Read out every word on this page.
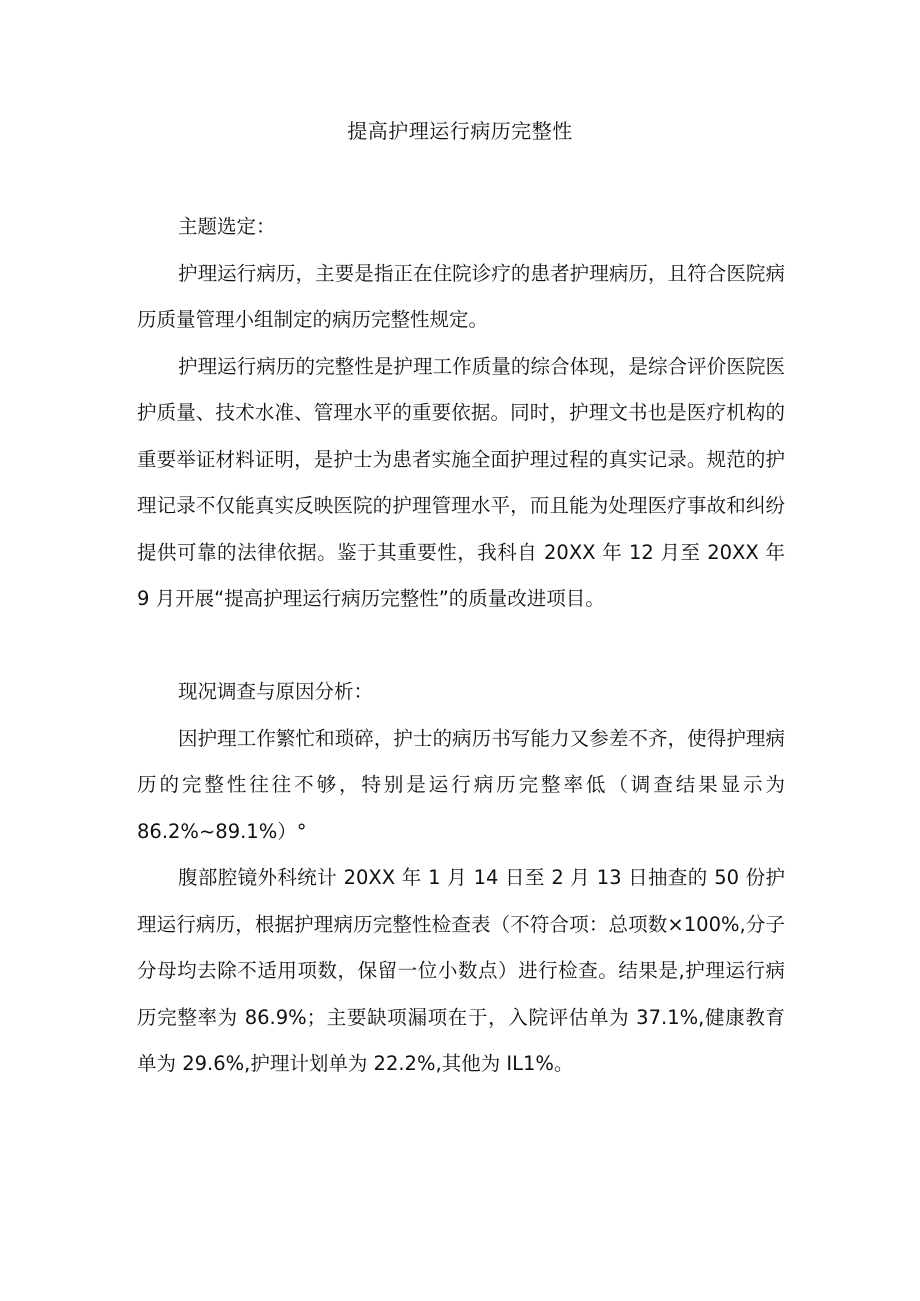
提高护理运行病历完整性

主题选定：

护理运行病历，主要是指正在住院诊疗的患者护理病历，且符合医院病历质量管理小组制定的病历完整性规定。

护理运行病历的完整性是护理工作质量的综合体现，是综合评价医院医护质量、技术水准、管理水平的重要依据。同时，护理文书也是医疗机构的重要举证材料证明，是护士为患者实施全面护理过程的真实记录。规范的护理记录不仅能真实反映医院的护理管理水平，而且能为处理医疗事故和纠纷提供可靠的法律依据。鉴于其重要性，我科自 20XX 年 12 月至 20XX 年 9 月开展“提高护理运行病历完整性”的质量改进项目。

现况调查与原因分析：

因护理工作繁忙和琐碎，护士的病历书写能力又参差不齐，使得护理病历的完整性往往不够，特别是运行病历完整率低（调查结果显示为 86.2%~89.1%）°

腹部腔镜外科统计 20XX 年 1 月 14 日至 2 月 13 日抽查的 50 份护理运行病历，根据护理病历完整性检查表（不符合项：总项数×100%,分子分母均去除不适用项数，保留一位小数点）进行检查。结果是,护理运行病历完整率为 86.9%；主要缺项漏项在于，入院评估单为 37.1%,健康教育单为 29.6%,护理计划单为 22.2%,其他为 IL1%。
